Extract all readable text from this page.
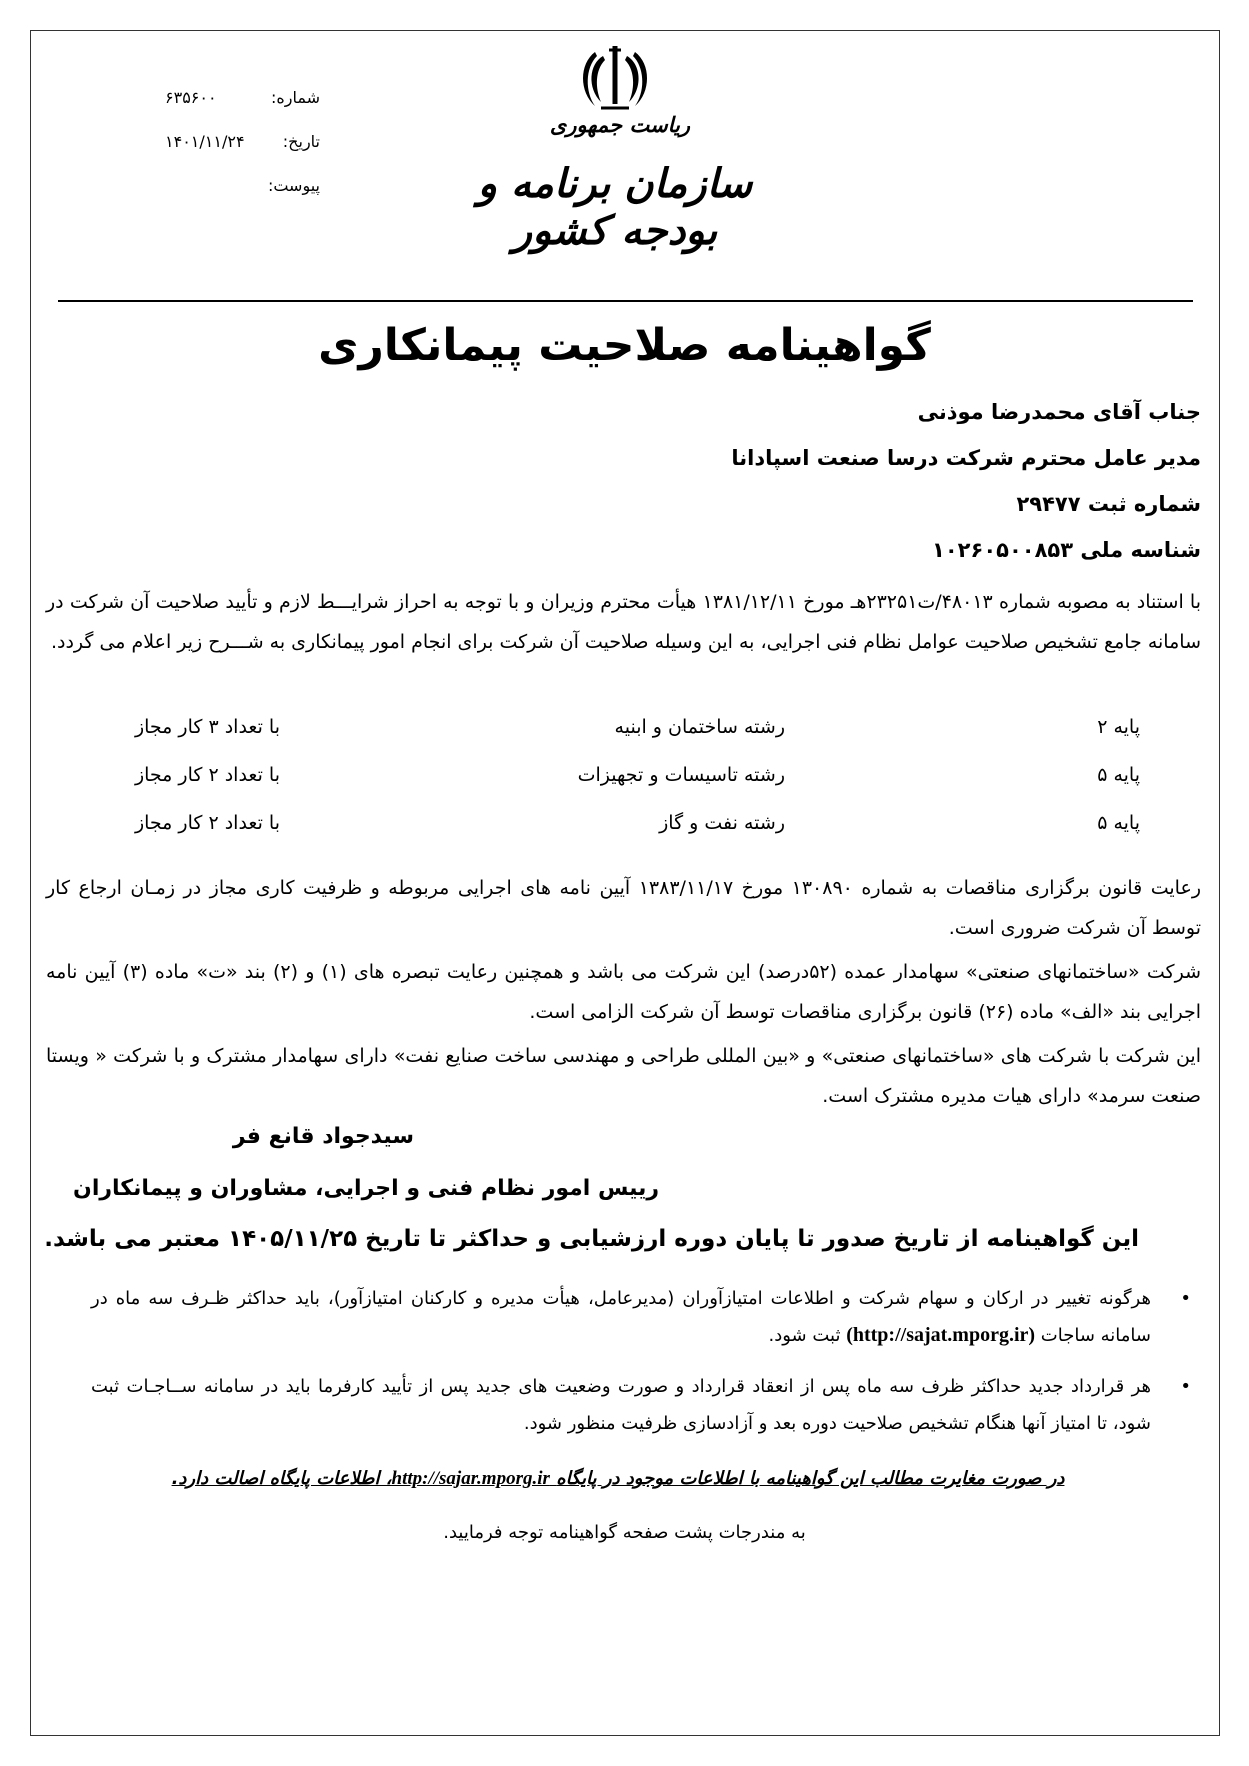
شماره:
۶۳۵۶۰۰
تاریخ:
۱۴۰۱/۱۱/۲۴
پیوست:
ریاست جمهوری
سازمان برنامه و بودجه کشور
گواهینامه صلاحیت پیمانکاری
جناب آقای محمدرضا موذنی
مدیر عامل محترم شرکت درسا صنعت اسپادانا
شماره ثبت ۲۹۴۷۷
شناسه ملی ۱۰۲۶۰۵۰۰۸۵۳
با استناد به مصوبه شماره ۴۸۰۱۳/ت۲۳۲۵۱هـ مورخ ۱۳۸۱/۱۲/۱۱ هیأت محترم وزیران و با توجه به احراز شرایـــط لازم و تأیید صلاحیت آن شرکت در سامانه جامع تشخیص صلاحیت عوامل نظام فنی اجرایی، به این وسیله صلاحیت آن شرکت برای انجام امور پیمانکاری به شـــرح زیر اعلام می گردد.
پایه ۲
رشته ساختمان و ابنیه
با تعداد ۳ کار مجاز
پایه ۵
رشته تاسیسات و تجهیزات
با تعداد ۲ کار مجاز
پایه ۵
رشته نفت و گاز
با تعداد ۲ کار مجاز
رعایت قانون برگزاری مناقصات به شماره ۱۳۰۸۹۰ مورخ ۱۳۸۳/۱۱/۱۷ آیین نامه های اجرایی مربوطه و ظرفیت کاری مجاز در زمـان ارجاع کار توسط آن شرکت ضروری است.
شرکت «ساختمانهای صنعتی» سهامدار عمده (۵۲درصد) این شرکت می باشد و همچنین رعایت تبصره های (۱) و (۲) بند «ت» ماده (۳) آیین نامه اجرایی بند «الف» ماده (۲۶) قانون برگزاری مناقصات توسط آن شرکت الزامی است.
این شرکت با شرکت های «ساختمانهای صنعتی» و «بین المللی طراحی و مهندسی ساخت صنایع نفت» دارای سهامدار مشترک و با شرکت « ویستا صنعت سرمد» دارای هیات مدیره مشترک است.
سیدجواد قانع فر
رییس امور نظام فنی و اجرایی، مشاوران و پیمانکاران
این گواهینامه از تاریخ صدور تا پایان دوره ارزشیابی و حداکثر تا تاریخ ۱۴۰۵/۱۱/۲۵ معتبر می باشد.
•
هرگونه تغییر در ارکان و سهام شرکت و اطلاعات امتیازآوران (مدیرعامل، هیأت مدیره و کارکنان امتیازآور)، باید حداکثر ظـرف سه ماه در سامانه ساجات (http://sajat.mporg.ir) ثبت شود.
•
هر قرارداد جدید حداکثر ظرف سه ماه پس از انعقاد قرارداد و صورت وضعیت های جدید پس از تأیید کارفرما باید در سامانه ســاجـات ثبت شود، تا امتیاز آنها هنگام تشخیص صلاحیت دوره بعد و آزادسازی ظرفیت منظور شود.
در صورت مغایرت مطالب این گواهینامه با اطلاعات موجود در پایگاه http://sajar.mporg.ir، اطلاعات پایگاه اصالت دارد.
به مندرجات پشت صفحه گواهینامه توجه فرمایید.
